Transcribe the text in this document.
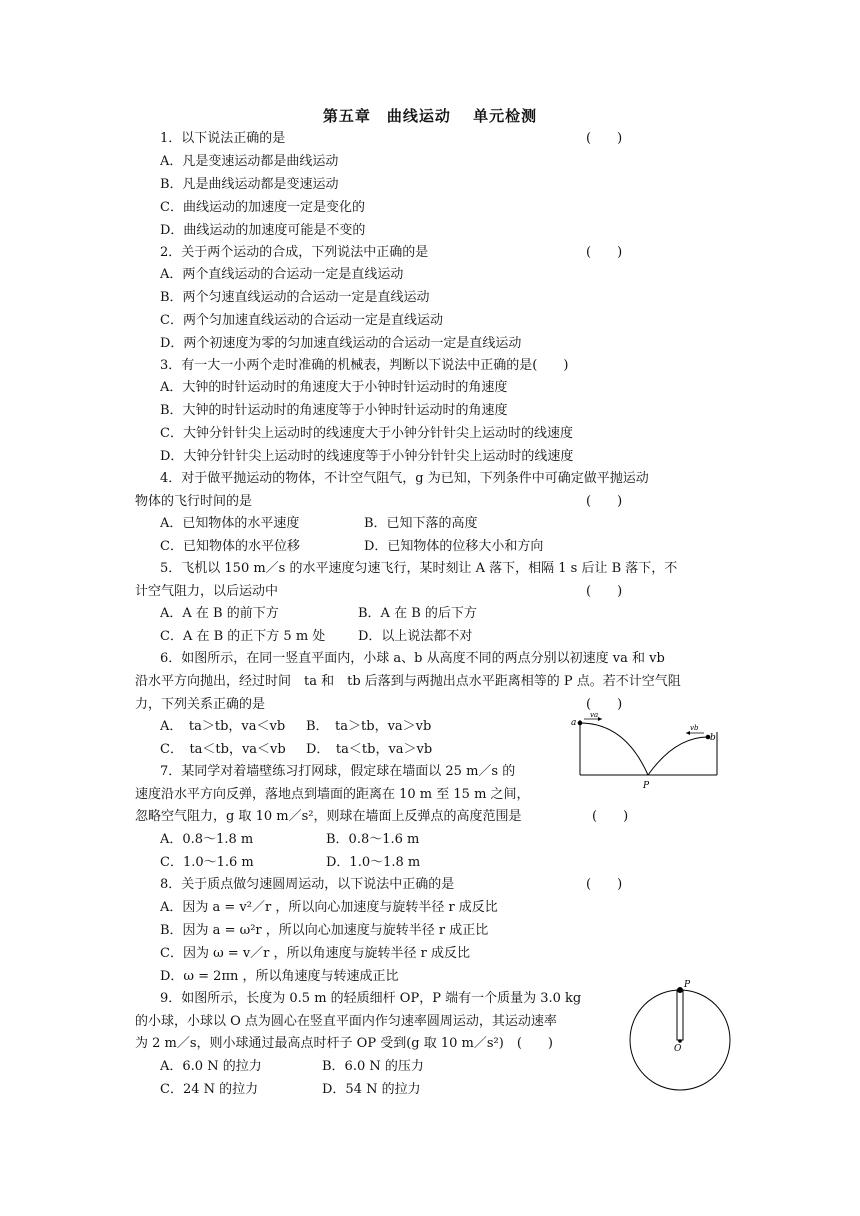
第五章　曲线运动　 单元检测
1．以下说法正确的是	(　　)
A．凡是变速运动都是曲线运动
B．凡是曲线运动都是变速运动
C．曲线运动的加速度一定是变化的
D．曲线运动的加速度可能是不变的
2．关于两个运动的合成，下列说法中正确的是	(　　)
A．两个直线运动的合运动一定是直线运动
B．两个匀速直线运动的合运动一定是直线运动
C．两个匀加速直线运动的合运动一定是直线运动
D．两个初速度为零的匀加速直线运动的合运动一定是直线运动
3．有一大一小两个走时准确的机械表，判断以下说法中正确的是(　　)
A．大钟的时针运动时的角速度大于小钟时针运动时的角速度
B．大钟的时针运动时的角速度等于小钟时针运动时的角速度
C．大钟分针针尖上运动时的线速度大于小钟分针针尖上运动时的线速度
D．大钟分针针尖上运动时的线速度等于小钟分针针尖上运动时的线速度
4．对于做平抛运动的物体，不计空气阻气，g 为已知，下列条件中可确定做平抛运动
物体的飞行时间的是	(　　)
A．已知物体的水平速度	B．已知下落的高度
C．已知物体的水平位移	D．已知物体的位移大小和方向
5．飞机以 150 m／s 的水平速度匀速飞行，某时刻让 A 落下，相隔 1 s 后让 B 落下，不
计空气阻力，以后运动中	(　　)
A．A 在 B 的前下方	B．A 在 B 的后下方
C．A 在 B 的正下方 5 m 处	D．以上说法都不对
6．如图所示，在同一竖直平面内，小球 a、b 从高度不同的两点分别以初速度 va 和 vb
沿水平方向抛出，经过时间　ta 和　tb 后落到与两抛出点水平距离相等的 P 点。若不计空气阻
力，下列关系正确的是	(　　)
A．　ta＞tb，va＜vb B．　ta＞tb，va＞vb
C．　ta＜tb，va＜vb D．　ta＜tb，va＞vb
a
b
va
vb
P
7．某同学对着墙壁练习打网球，假定球在墙面以 25 m／s 的
速度沿水平方向反弹，落地点到墙面的距离在 10 m 至 15 m 之间，
忽略空气阻力，g 取 10 m／s²，则球在墙面上反弹点的高度范围是	(　　)
A．0.8～1.8 m	B．0.8～1.6 m
C．1.0～1.6 m	D．1.0～1.8 m
8．关于质点做匀速圆周运动，以下说法中正确的是	(　　)
A．因为 a = v²／r ，所以向心加速度与旋转半径 r 成反比
B．因为 a = ω²r ，所以向心加速度与旋转半径 r 成正比
C．因为 ω = v／r ，所以角速度与旋转半径 r 成反比
D．ω = 2πn ，所以角速度与转速成正比
9．如图所示，长度为 0.5 m 的轻质细杆 OP，P 端有一个质量为 3.0 kg
的小球，小球以 O 点为圆心在竖直平面内作匀速率圆周运动，其运动速率
为 2 m／s，则小球通过最高点时杆子 OP 受到(g 取 10 m／s²)　(　　)
A．6.0 N 的拉力	B．6.0 N 的压力
C．24 N 的拉力	D．54 N 的拉力
P
O
